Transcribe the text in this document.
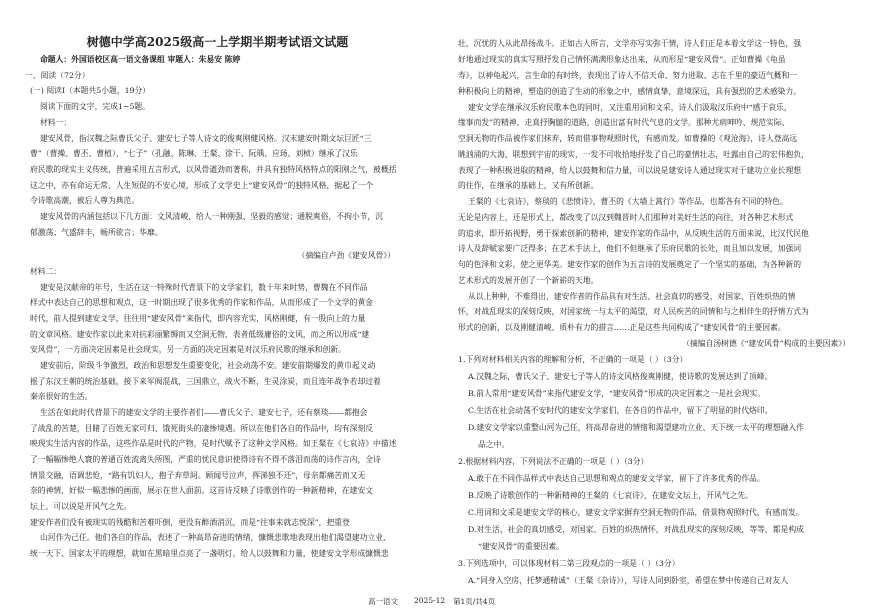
树德中学高2025级高一上学期半期考试语文试题
命题人：外国语校区高一语文备课组 审题人：朱易安 陈婷
一、阅读（72分）
(一) 阅读Ⅰ（本题共5小题，19分）
阅读下面的文字，完成1~5题。
材料一：
建安风骨，指汉魏之际曹氏父子、建安七子等人诗文的俊爽刚健风格。汉末建安时期文坛巨匠“三
曹”（曹操、曹丕、曹植）、“七子”（孔融、陈琳、王粲、徐干、阮瑀、应玚、刘桢）继承了汉乐
府民歌的现实主义传统，普遍采用五言形式，以风骨遒劲而著称，并具有独特风格特点的阳刚之气，被概括
这之中，亦有命运无常、人生短促的不安心境，形成了文学史上“建安风骨”的独特风格，据起了一个
令诗歌高潮，被后人尊为典范。
建安风骨的内涵包括以下几方面：文风清峻，给人一种刚强、坚毅的感觉；通脱爽俗，不拘小节，沉
郁激荡；气盛辞丰，畅所欲言；华靡。
（摘编自卢劲《建安风骨》）
材料二：
建安是汉献帝的年号，生活在这一特殊时代背景下的文学家们，数十年来时势，曹魏在不同作品
样式中表达自己的思想和观点，这一时期出现了很多优秀的作家和作品，从而形成了一个文学的黄金
时代，前人提到建安文学，往往用“建安风骨”来指代，即内容充实，风格刚健，有一股向上的力量
的文章风格。建安作家以此来对抗彩丽繁缛而又空洞无物、表者低级庸俗的文风，而之所以形成“建
安风骨”，一方面决定因素是社会现实，另一方面的决定因素是对汉乐府民歌的继承和创新。
建安前后，阶级斗争激烈，政治和思想发生重要变化，社会动荡不安。建安前期爆发的黄巾起义动
摇了东汉王朝的统治基础，接下来军阀混战，三国鼎立，战火不断，生灵涂炭，而且连年战争若却过着
秦亲很好的生活。
生活在如此时代背景下的建安文学的主要作者们——曹氏父子、建安七子，还有蔡琰——都抱会
了战乱的苦楚，目睹了百姓无家可归、饿死街头的凄惨境遇。所以在他们各自的作品中，均有深刻反
映现实生活内容的作品，这些作品是时代的产物，是时代赋予了这种文学风格。如王粲在《七哀诗》中描述
了一幅幅惨绝人寰的普通百姓流离失所图，严重的忧民意识使得诗有不得不落泪而荡的诗作言内，全诗
情景交融，语调悲怆，“路有饥妇人，抱子弃草间。顾闻号泣声，挥涕独不还”，母亲都痛苦而又无
奈的神情，好似一幅悲惨的画面，展示在世人面前。这首诗反映了诗歌创作的一种新精神，在建安文
坛上，可以说是开风气之先。
建安作者们没有被现实的残酷和苦难吓倒，更没有醉酒消沉，而是“往事来就志悦深”，把重登
山河作为己任。他们各自的作品，表述了一种高昂奋进的情绪，慷慨悲歌地表现出他们渴望建功立业、
统一天下、国家太平的理想，就如在黑暗里点亮了一盏明灯，给人以鼓舞和力量，使建安文学形成慷慨悲
壮、沉忧的人从此昂扬战斗。正如古人所言，文学亦写实弥于情，诗人们正是本着文学这一特色，强
好地通过现实的真实写照抒发自己情怀满满形象达出来，从而形星“建安风骨”。正如曹操《龟虽
寿》，以神龟起兴，言生命的有时终，表现出了诗人不信天命、努力进取、志在千里的豪迈气概和一
种积极向上的精神，塑造的创造了生动的形象之中，感情真挚，意境深远，具有强烈的艺术感染力。
建安文学在继承汉乐府民歌本色的同时，又注重用词和文采，诗人们汲取汉乐府中“感于哀乐，
缘事而发”的精神，走真抒胸臆的道路，创造出富有时代气息的文学。那种尤病呻吟、规范实际、
空洞无物的作品被作家们抹弃，转而借事物观照时代，有感而发。如曹操的《观沧海》，诗人登高远
眺汹涌的大海，联想到宇宙的现实，一发不可收拾地抒发了自己的豪情壮志，吐露由自己的宏伟抱负，
表现了一种积极进取的精神，给人以鼓舞和信力量，可以说是建安诗人通过现实对于建功立业长理想
的住作，在继承的基础上，又有所创新。
王粲的《七哀诗》，蔡琰的《悲愤诗》，曹丕的《大墙上蒿行》等作品，也都各有不同的特色。
无论是内容上，还是形式上，都改变了以汉到魏晋时人们那种对美好生活的向往，对各种艺术形式
的追求，即开拓视野，勇于探索创新的精神，建安作家的作品中，从反映生活的方面来说，比汉代民他
诗人及辞赋家要广泛得多；在艺术手法上，他们不但继承了乐府民歌的长处，而且加以发展，加强词
句的色泽和文彩，使之更华美。建安作家的创作为五言诗的发展奠定了一个坚实的基础，为各种新的
艺术形式的发展开创了一个新崭的天地。
从以上种种，不难得出，建安作者的作品具有对生活、社会真切的感受，对国家、百姓炽热的情
怀，对战乱现实的深刻反映，对国家统一与太平的渴望，对人民疾苦的同情和与之相伴生的抒情方式为
形式的创新，以及刚健清峻、质朴有力的措言……正是这些共同构成了“建安风骨”的主要因素。
（摘编自汤树德《“建安风骨”构成的主要因素》）
1.下列对材料相关内容的理解和分析，不正确的一项是（ ）（3分）
A.汉魏之际，曹氏父子、建安七子等人的诗文风格俊爽刚健，使诗歌的发展达到了顶峰。
B.前人常用“建安风骨”来指代建安文学，“建安风骨”形成的决定因素之一是社会现实。
C.生活在社会动荡不安时代的建安文学家们，在各自的作品中，留下了明显的时代烙印。
D.建安文学家以重整山河为己任，将高昂奋进的情绪和渴望建功立业、天下统一太平的理想融入作
品之中。
2.根据材料内容，下列说法不正确的一项是（ ）（3分）
A.敢于在不同作品样式中表达自己思想和观点的建安文学家，留下了许多优秀的作品。
B.反映了诗歌创作的一种新精神的王粲的《七哀诗》，在建安文坛上，开风气之先。
C.用词和文采是建安文学的核心，建安文学家摒弃空洞无物的作品，借景物观照时代，有感而发。
D.对生活、社会的真切感受，对国家、百姓的炽热情怀，对战乱现实的深刻反映，等等，都是构成
“建安风骨”的重要因素。
3.下列选项中，可以体现材料二第三段观点的一项是（ ）（3分）
A.“同身入空房，托梦通精诚”（王粲《杂诗》），写诗人同到卧室，希望在梦中传递自己对友人
高一语文 2025-12 第1页/共4页
